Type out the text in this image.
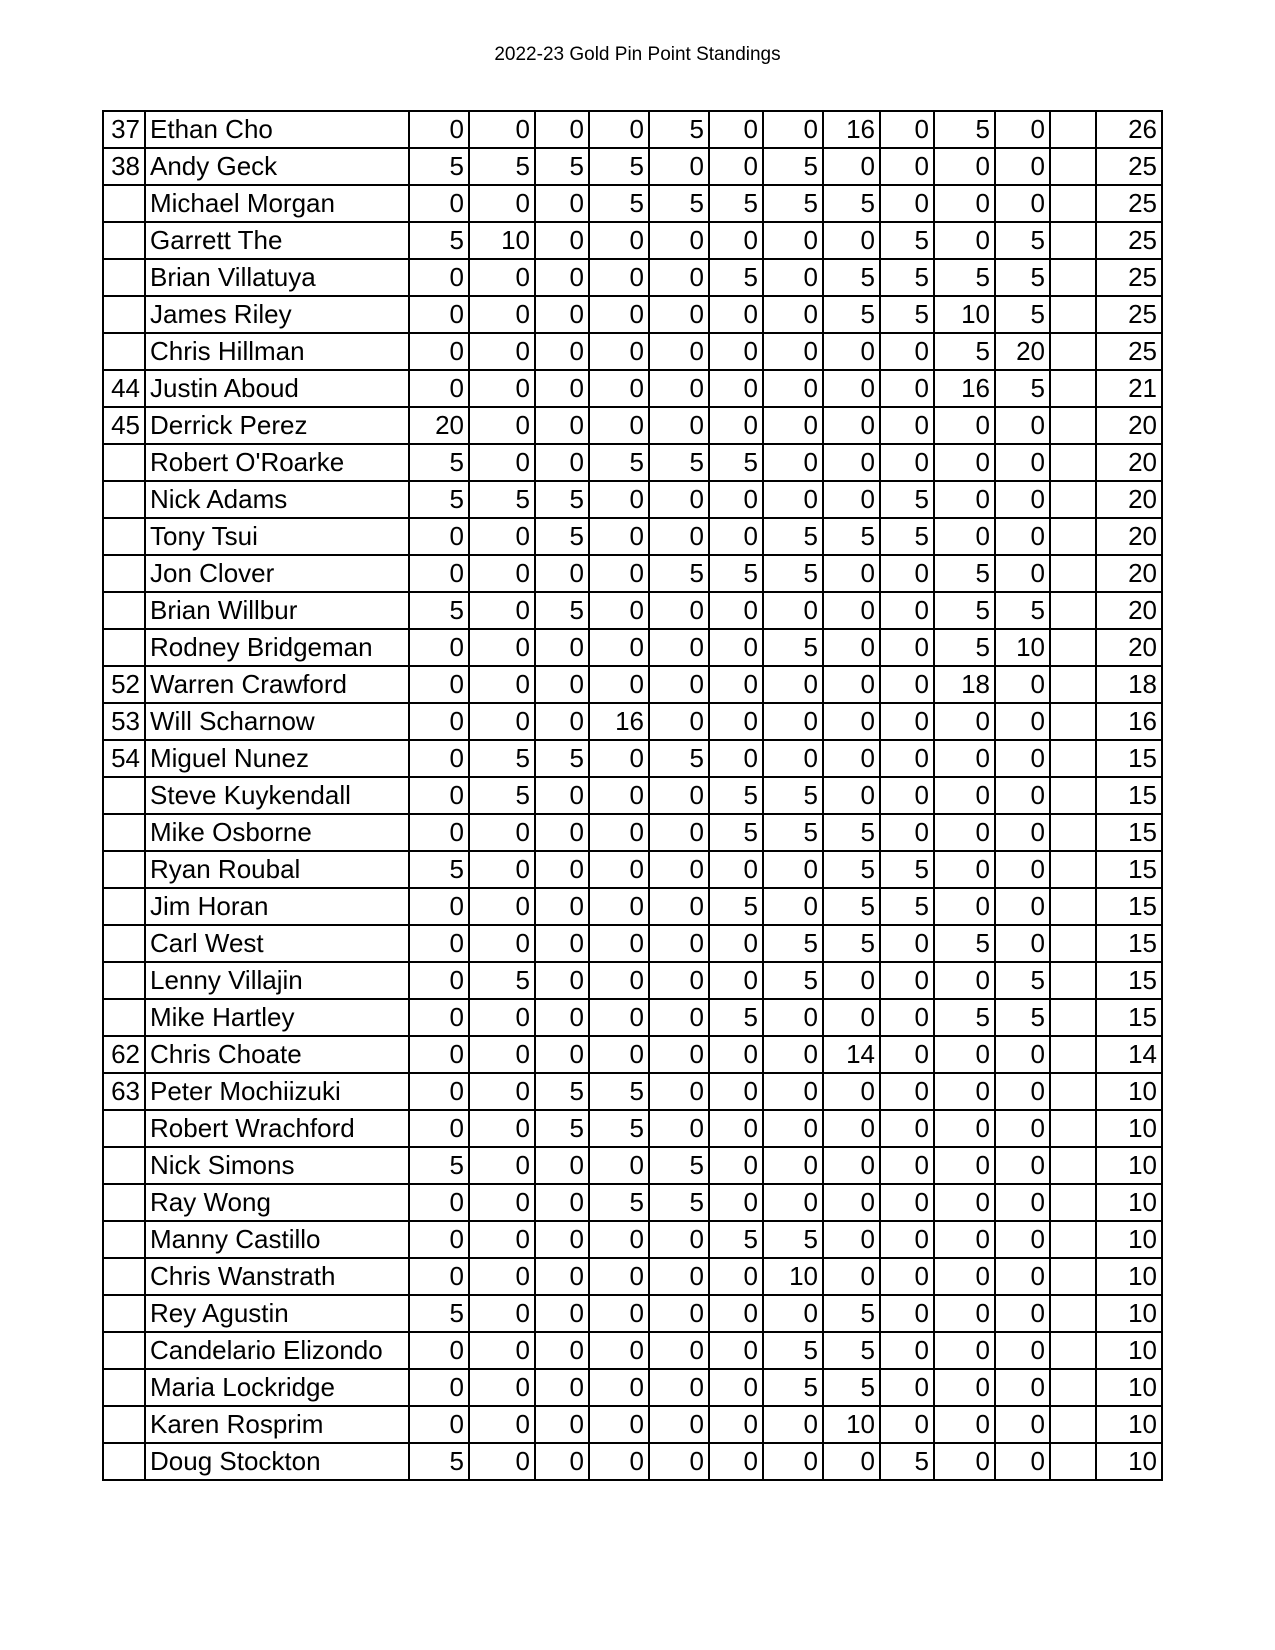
2022-23 Gold Pin Point Standings
37	Ethan Cho	0	0	0	0	5	0	0	16	0	5	0		26
38	Andy Geck	5	5	5	5	0	0	5	0	0	0	0		25
	Michael Morgan	0	0	0	5	5	5	5	5	0	0	0		25
	Garrett The	5	10	0	0	0	0	0	0	5	0	5		25
	Brian Villatuya	0	0	0	0	0	5	0	5	5	5	5		25
	James Riley	0	0	0	0	0	0	0	5	5	10	5		25
	Chris Hillman	0	0	0	0	0	0	0	0	0	5	20		25
44	Justin Aboud	0	0	0	0	0	0	0	0	0	16	5		21
45	Derrick Perez	20	0	0	0	0	0	0	0	0	0	0		20
	Robert O'Roarke	5	0	0	5	5	5	0	0	0	0	0		20
	Nick Adams	5	5	5	0	0	0	0	0	5	0	0		20
	Tony Tsui	0	0	5	0	0	0	5	5	5	0	0		20
	Jon Clover	0	0	0	0	5	5	5	0	0	5	0		20
	Brian Willbur	5	0	5	0	0	0	0	0	0	5	5		20
	Rodney Bridgeman	0	0	0	0	0	0	5	0	0	5	10		20
52	Warren Crawford	0	0	0	0	0	0	0	0	0	18	0		18
53	Will Scharnow	0	0	0	16	0	0	0	0	0	0	0		16
54	Miguel Nunez	0	5	5	0	5	0	0	0	0	0	0		15
	Steve Kuykendall	0	5	0	0	0	5	5	0	0	0	0		15
	Mike Osborne	0	0	0	0	0	5	5	5	0	0	0		15
	Ryan Roubal	5	0	0	0	0	0	0	5	5	0	0		15
	Jim Horan	0	0	0	0	0	5	0	5	5	0	0		15
	Carl West	0	0	0	0	0	0	5	5	0	5	0		15
	Lenny Villajin	0	5	0	0	0	0	5	0	0	0	5		15
	Mike Hartley	0	0	0	0	0	5	0	0	0	5	5		15
62	Chris Choate	0	0	0	0	0	0	0	14	0	0	0		14
63	Peter Mochiizuki	0	0	5	5	0	0	0	0	0	0	0		10
	Robert Wrachford	0	0	5	5	0	0	0	0	0	0	0		10
	Nick Simons	5	0	0	0	5	0	0	0	0	0	0		10
	Ray Wong	0	0	0	5	5	0	0	0	0	0	0		10
	Manny Castillo	0	0	0	0	0	5	5	0	0	0	0		10
	Chris Wanstrath	0	0	0	0	0	0	10	0	0	0	0		10
	Rey Agustin	5	0	0	0	0	0	0	5	0	0	0		10
	Candelario Elizondo	0	0	0	0	0	0	5	5	0	0	0		10
	Maria Lockridge	0	0	0	0	0	0	5	5	0	0	0		10
	Karen Rosprim	0	0	0	0	0	0	0	10	0	0	0		10
	Doug Stockton	5	0	0	0	0	0	0	0	5	0	0		10
